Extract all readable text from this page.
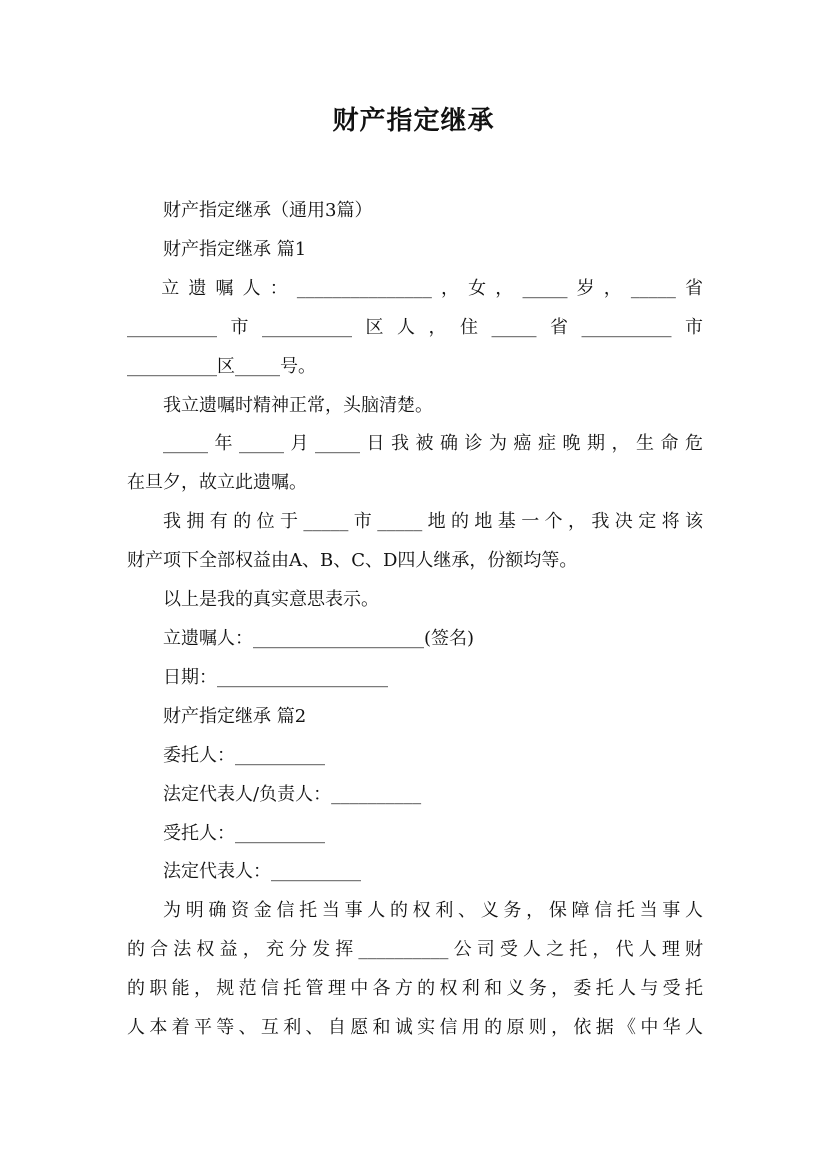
财产指定继承
财产指定继承（通用3篇）
财产指定继承 篇1
立遗嘱人：_______________，女，_____岁，_____省
__________市__________区人，住_____省__________市
__________区_____号。
我立遗嘱时精神正常，头脑清楚。
_____年_____月_____日我被确诊为癌症晚期，生命危
在旦夕，故立此遗嘱。
我拥有的位于_____市_____地的地基一个，我决定将该
财产项下全部权益由A、B、C、D四人继承，份额均等。
以上是我的真实意思表示。
立遗嘱人：___________________(签名)
日期：___________________
财产指定继承 篇2
委托人：__________
法定代表人/负责人：__________
受托人：__________
法定代表人：__________
为明确资金信托当事人的权利、义务，保障信托当事人
的合法权益，充分发挥__________公司受人之托，代人理财
的职能，规范信托管理中各方的权利和义务，委托人与受托
人本着平等、互利、自愿和诚实信用的原则，依据《中华人
